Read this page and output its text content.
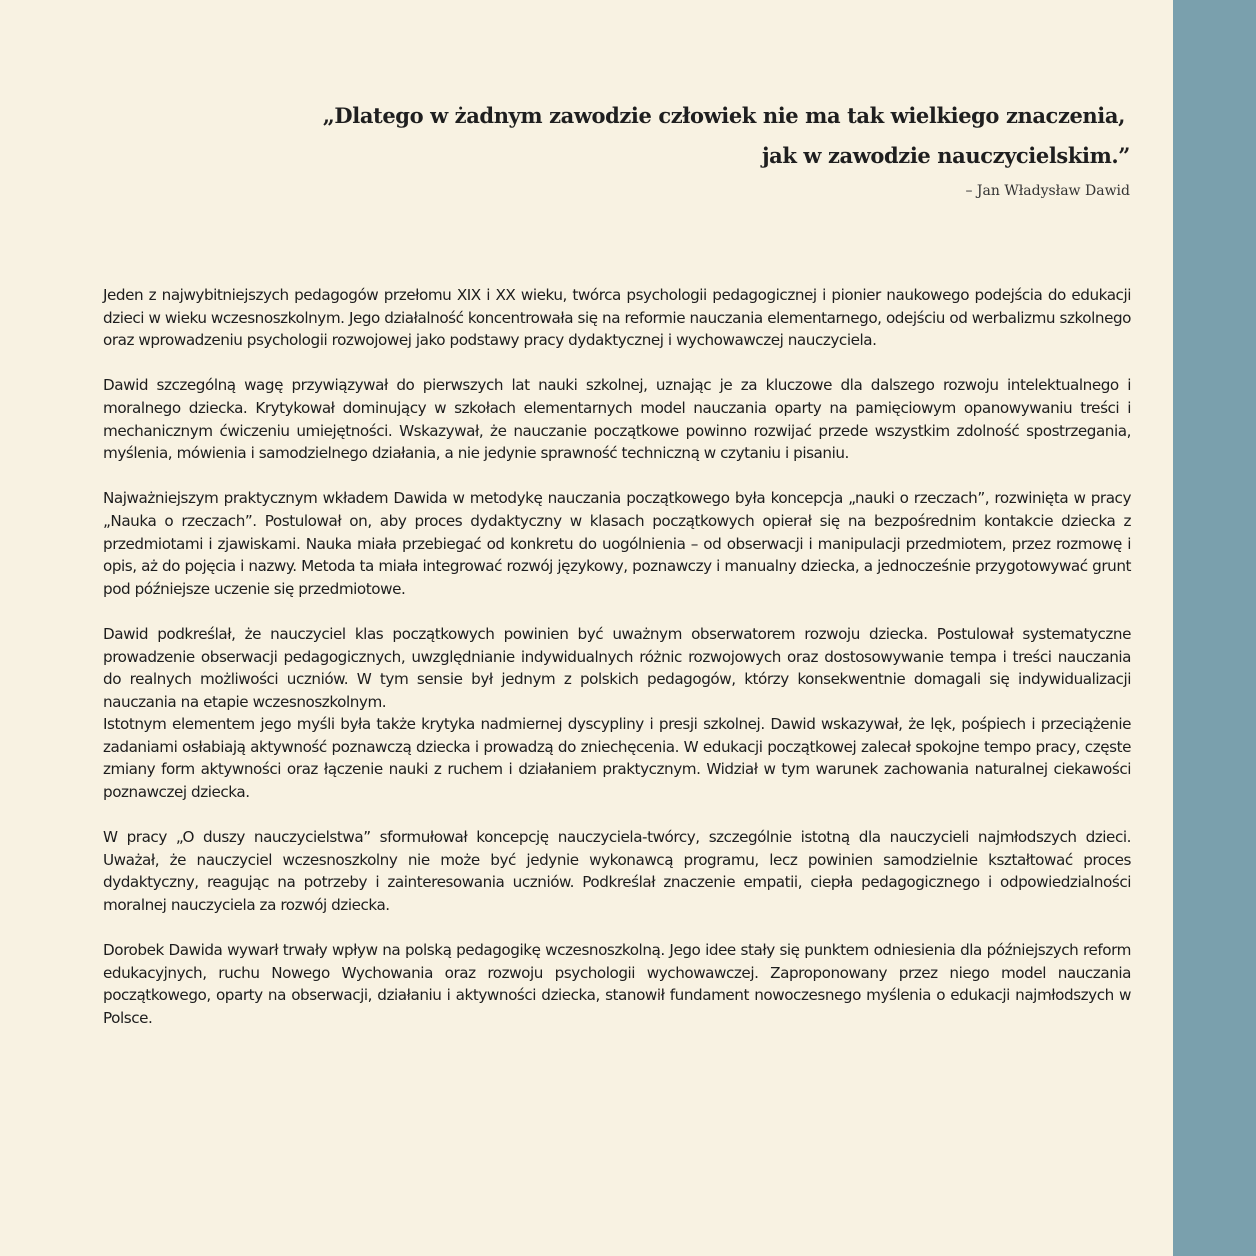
„Dlatego w żadnym zawodzie człowiek nie ma tak wielkiego znaczenia,
jak w zawodzie nauczycielskim.”
– Jan Władysław Dawid

Jeden z najwybitniejszych pedagogów przełomu XIX i XX wieku, twórca psychologii pedagogicznej i pionier naukowego podejścia do edukacji dzieci w wieku wczesnoszkolnym. Jego działalność koncentrowała się na reformie nauczania elementarnego, odejściu od werbalizmu szkolnego oraz wprowadzeniu psychologii rozwojowej jako podstawy pracy dydaktycznej i wychowawczej nauczyciela.

Dawid szczególną wagę przywiązywał do pierwszych lat nauki szkolnej, uznając je za kluczowe dla dalszego rozwoju intelektualnego i moralnego dziecka. Krytykował dominujący w szkołach elementarnych model nauczania oparty na pamięciowym opanowywaniu treści i mechanicznym ćwiczeniu umiejętności. Wskazywał, że nauczanie początkowe powinno rozwijać przede wszystkim zdolność spostrzegania, myślenia, mówienia i samodzielnego działania, a nie jedynie sprawność techniczną w czytaniu i pisaniu.

Najważniejszym praktycznym wkładem Dawida w metodykę nauczania początkowego była koncepcja „nauki o rzeczach”, rozwinięta w pracy „Nauka o rzeczach”. Postulował on, aby proces dydaktyczny w klasach początkowych opierał się na bezpośrednim kontakcie dziecka z przedmiotami i zjawiskami. Nauka miała przebiegać od konkretu do uogólnienia – od obserwacji i manipulacji przedmiotem, przez rozmowę i opis, aż do pojęcia i nazwy. Metoda ta miała integrować rozwój językowy, poznawczy i manualny dziecka, a jednocześnie przygotowywać grunt pod późniejsze uczenie się przedmiotowe.

Dawid podkreślał, że nauczyciel klas początkowych powinien być uważnym obserwatorem rozwoju dziecka. Postulował systematyczne prowadzenie obserwacji pedagogicznych, uwzględnianie indywidualnych różnic rozwojowych oraz dostosowywanie tempa i treści nauczania do realnych możliwości uczniów. W tym sensie był jednym z polskich pedagogów, którzy konsekwentnie domagali się indywidualizacji nauczania na etapie wczesnoszkolnym.

Istotnym elementem jego myśli była także krytyka nadmiernej dyscypliny i presji szkolnej. Dawid wskazywał, że lęk, pośpiech i przeciążenie zadaniami osłabiają aktywność poznawczą dziecka i prowadzą do zniechęcenia. W edukacji początkowej zalecał spokojne tempo pracy, częste zmiany form aktywności oraz łączenie nauki z ruchem i działaniem praktycznym. Widział w tym warunek zachowania naturalnej ciekawości poznawczej dziecka.

W pracy „O duszy nauczycielstwa” sformułował koncepcję nauczyciela-twórcy, szczególnie istotną dla nauczycieli najmłodszych dzieci. Uważał, że nauczyciel wczesnoszkolny nie może być jedynie wykonawcą programu, lecz powinien samodzielnie kształtować proces dydaktyczny, reagując na potrzeby i zainteresowania uczniów. Podkreślał znaczenie empatii, ciepła pedagogicznego i odpowiedzialności moralnej nauczyciela za rozwój dziecka.

Dorobek Dawida wywarł trwały wpływ na polską pedagogikę wczesnoszkolną. Jego idee stały się punktem odniesienia dla późniejszych reform edukacyjnych, ruchu Nowego Wychowania oraz rozwoju psychologii wychowawczej. Zaproponowany przez niego model nauczania początkowego, oparty na obserwacji, działaniu i aktywności dziecka, stanowił fundament nowoczesnego myślenia o edukacji najmłodszych w Polsce.
